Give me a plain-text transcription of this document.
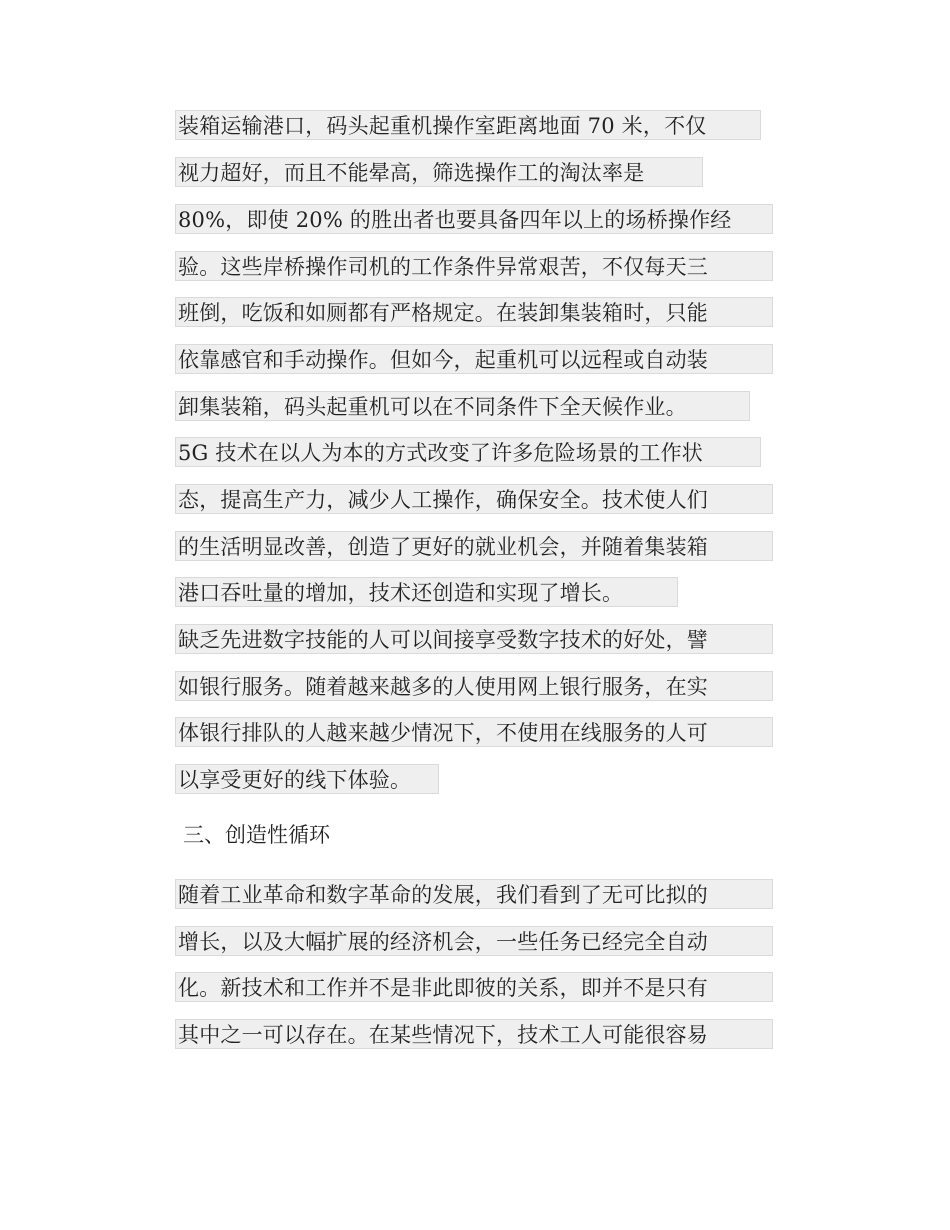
装箱运输港口，码头起重机操作室距离地面 70 米，不仅
视力超好，而且不能晕高，筛选操作工的淘汰率是
80%，即使 20% 的胜出者也要具备四年以上的场桥操作经
验。这些岸桥操作司机的工作条件异常艰苦，不仅每天三
班倒，吃饭和如厕都有严格规定。在装卸集装箱时，只能
依靠感官和手动操作。但如今，起重机可以远程或自动装
卸集装箱，码头起重机可以在不同条件下全天候作业。
5G 技术在以人为本的方式改变了许多危险场景的工作状
态，提高生产力，减少人工操作，确保安全。技术使人们
的生活明显改善，创造了更好的就业机会，并随着集装箱
港口吞吐量的增加，技术还创造和实现了增长。
缺乏先进数字技能的人可以间接享受数字技术的好处，譬
如银行服务。随着越来越多的人使用网上银行服务，在实
体银行排队的人越来越少情况下，不使用在线服务的人可
以享受更好的线下体验。
三、创造性循环
随着工业革命和数字革命的发展，我们看到了无可比拟的
增长，以及大幅扩展的经济机会，一些任务已经完全自动
化。新技术和工作并不是非此即彼的关系，即并不是只有
其中之一可以存在。在某些情况下，技术工人可能很容易
